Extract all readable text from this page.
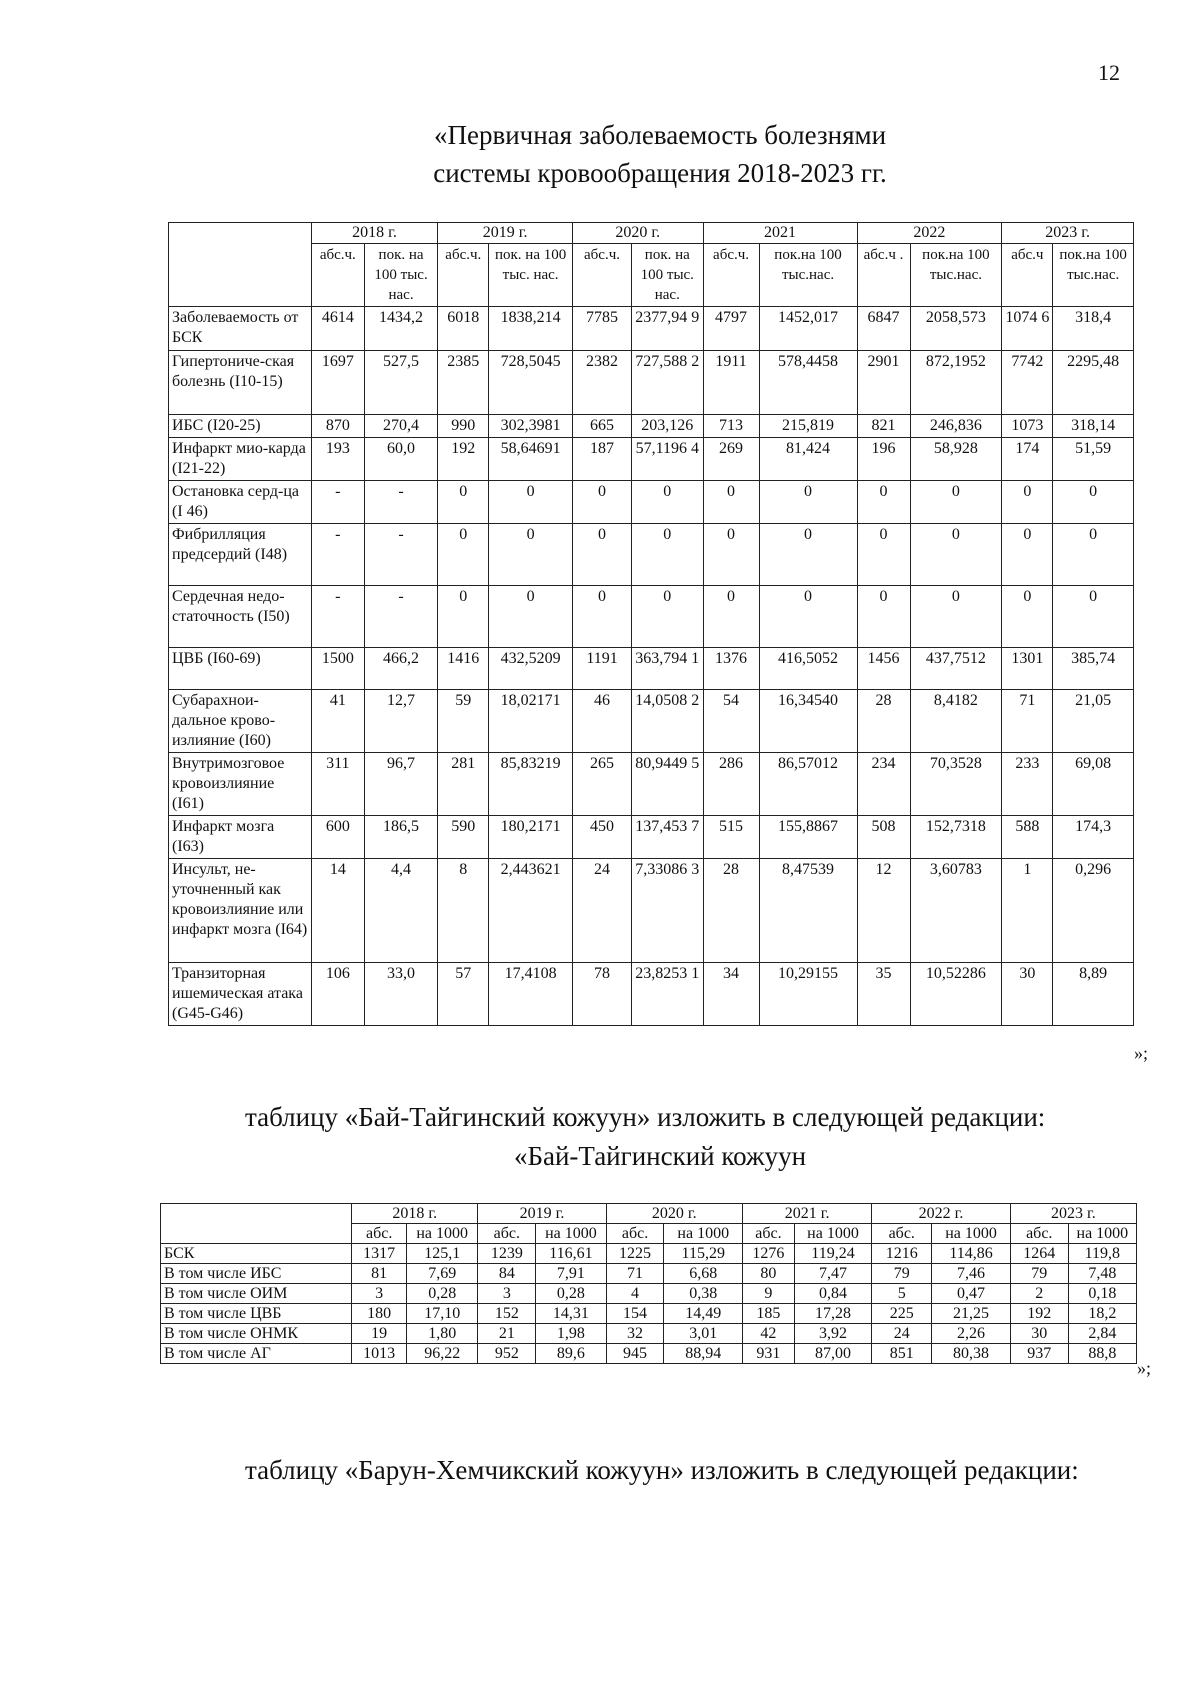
12
«Первичная заболеваемость болезнями
системы кровообращения 2018-2023 гг.
	2018 г.		2019 г.		2020 г.		2021		2022		2023 г.	
	абс.ч.	пок. на 100 тыс. нас.	абс.ч.	пок. на 100 тыс. нас.	абс.ч.	пок. на 100 тыс. нас.	абс.ч.	пок.на 100 тыс.нас.	абс.ч .	пок.на 100 тыс.нас.	абс.ч	пок.на 100 тыс.нас.
Заболеваемость от БСК	4614	1434,2	6018	1838,214	7785	2377,94 9	4797	1452,017	6847	2058,573	1074 6	318,4
Гипертониче-ская болезнь (I10-15)	1697	527,5	2385	728,5045	2382	727,588 2	1911	578,4458	2901	872,1952	7742	2295,48
ИБС (I20-25)	870	270,4	990	302,3981	665	203,126	713	215,819	821	246,836	1073	318,14
Инфаркт мио-карда (I21-22)	193	60,0	192	58,64691	187	57,1196 4	269	81,424	196	58,928	174	51,59
Остановка серд-ца (I 46)	-	-	0	0	0	0	0	0	0	0	0	0
Фибрилляция предсердий (I48)	-	-	0	0	0	0	0	0	0	0	0	0
Сердечная недо-статочность (I50)	-	-	0	0	0	0	0	0	0	0	0	0
ЦВБ (I60-69)	1500	466,2	1416	432,5209	1191	363,794 1	1376	416,5052	1456	437,7512	1301	385,74
Субарахнои-дальное крово-излияние (I60)	41	12,7	59	18,02171	46	14,0508 2	54	16,34540	28	8,4182	71	21,05
Внутримозговое кровоизлияние (I61)	311	96,7	281	85,83219	265	80,9449 5	286	86,57012	234	70,3528	233	69,08
Инфаркт мозга (I63)	600	186,5	590	180,2171	450	137,453 7	515	155,8867	508	152,7318	588	174,3
Инсульт, не-уточненный как кровоизлияние или инфаркт мозга (I64)	14	4,4	8	2,443621	24	7,33086 3	28	8,47539	12	3,60783	1	0,296
Транзиторная ишемическая атака (G45-G46)	106	33,0	57	17,4108	78	23,8253 1	34	10,29155	35	10,52286	30	8,89
»;
таблицу «Бай-Тайгинский кожуун» изложить в следующей редакции:
«Бай-Тайгинский кожуун
	2018 г.		2019 г.		2020 г.		2021 г.		2022 г.		2023 г.	
	абс.	на 1000	абс.	на 1000	абс.	на 1000	абс.	на 1000	абс.	на 1000	абс.	на 1000
БСК	1317	125,1	1239	116,61	1225	115,29	1276	119,24	1216	114,86	1264	119,8
В том числе ИБС	81	7,69	84	7,91	71	6,68	80	7,47	79	7,46	79	7,48
В том числе ОИМ	3	0,28	3	0,28	4	0,38	9	0,84	5	0,47	2	0,18
В том числе ЦВБ	180	17,10	152	14,31	154	14,49	185	17,28	225	21,25	192	18,2
В том числе ОНМК	19	1,80	21	1,98	32	3,01	42	3,92	24	2,26	30	2,84
В том числе АГ	1013	96,22	952	89,6	945	88,94	931	87,00	851	80,38	937	88,8
»;
таблицу «Барун-Хемчикский кожуун» изложить в следующей редакции:
